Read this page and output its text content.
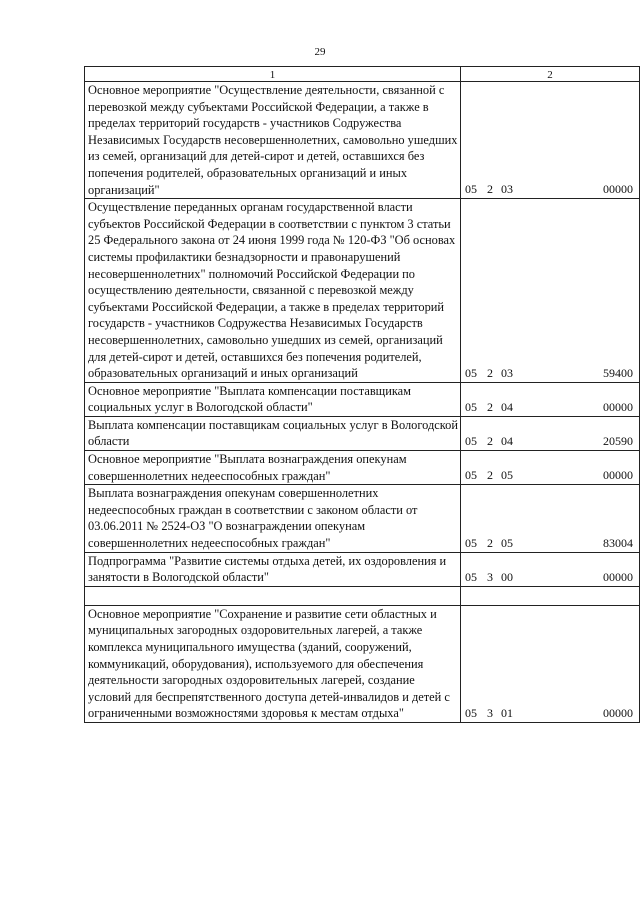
29
1	2

Основное мероприятие "Осуществление деятельности, связанной с перевозкой между субъектами Российской Федерации, а также в пределах территорий государств - участников Содружества Независимых Государств несовершеннолетних, самовольно ушедших из семей, организаций для детей-сирот и детей, оставшихся без попечения родителей, образовательных организаций и иных организаций"	05 2 03 00000

Осуществление переданных органам государственной власти субъектов Российской Федерации в соответствии с пунктом 3 статьи 25 Федерального закона от 24 июня 1999 года № 120-ФЗ "Об основах системы профилактики безнадзорности и правонарушений несовершеннолетних" полномочий Российской Федерации по осуществлению деятельности, связанной с перевозкой между субъектами Российской Федерации, а также в пределах территорий государств - участников Содружества Независимых Государств несовершеннолетних, самовольно ушедших из семей, организаций для детей-сирот и детей, оставшихся без попечения родителей, образовательных организаций и иных организаций	05 2 03 59400

Основное мероприятие "Выплата компенсации поставщикам социальных услуг в Вологодской области"	05 2 04 00000

Выплата компенсации поставщикам социальных услуг в Вологодской области	05 2 04 20590

Основное мероприятие "Выплата вознаграждения опекунам совершеннолетних недееспособных граждан"	05 2 05 00000

Выплата вознаграждения опекунам совершеннолетних недееспособных граждан в соответствии с законом области от 03.06.2011 № 2524-ОЗ "О вознаграждении опекунам совершеннолетних недееспособных граждан"	05 2 05 83004

Подпрограмма "Развитие системы отдыха детей, их оздоровления и занятости в Вологодской области"	05 3 00 00000

Основное мероприятие "Сохранение и развитие сети областных и муниципальных загородных оздоровительных лагерей, а также комплекса муниципального имущества (зданий, сооружений, коммуникаций, оборудования), используемого для обеспечения деятельности загородных оздоровительных лагерей, создание условий для беспрепятственного доступа детей-инвалидов и детей с ограниченными возможностями здоровья к местам отдыха"	05 3 01 00000
